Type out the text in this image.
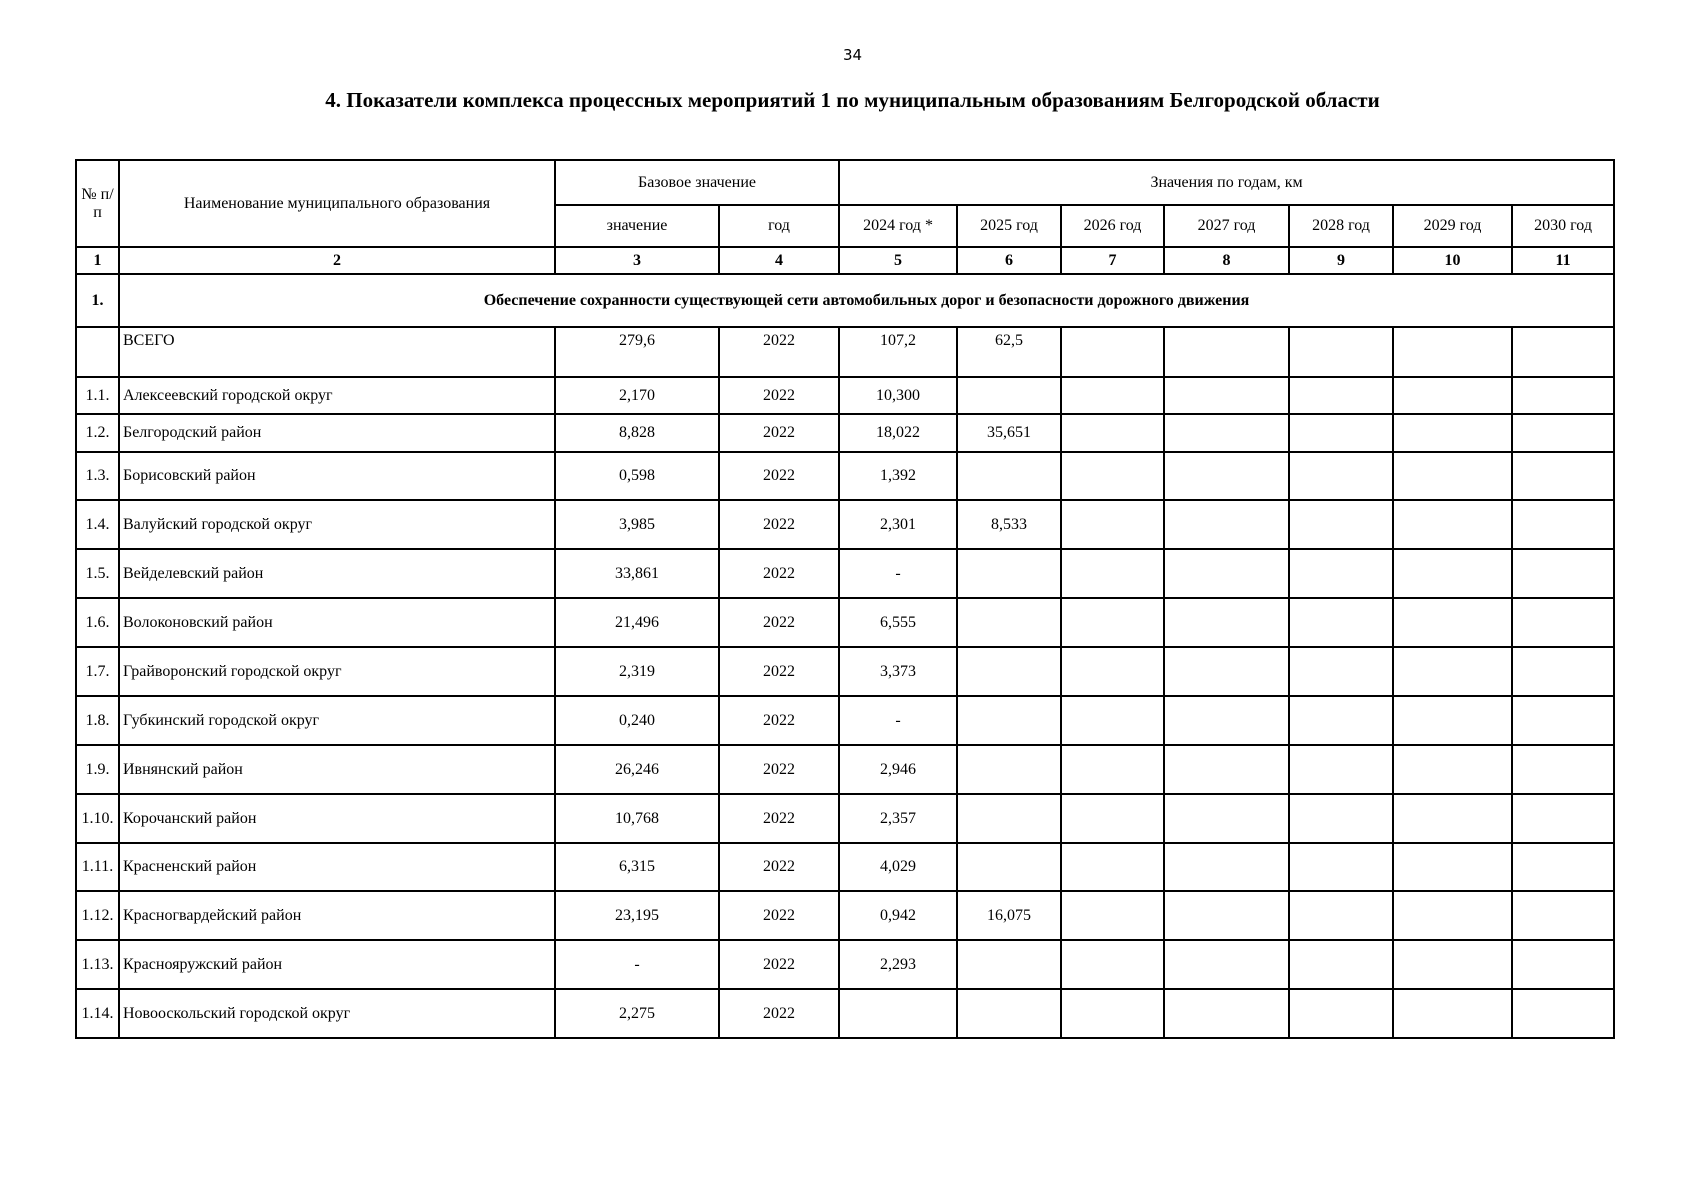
34
4. Показатели комплекса процессных мероприятий 1 по муниципальным образованиям Белгородской области
№ п/п	Наименование муниципального образования	Базовое значение		Значения по годам, км						
		значение	год	2024 год *	2025 год	2026 год	2027 год	2028 год	2029 год	2030 год
1	2	3	4	5	6	7	8	9	10	11
1.	Обеспечение сохранности существующей сети автомобильных дорог и безопасности дорожного движения									
	ВСЕГО	279,6	2022	107,2	62,5					
1.1.	Алексеевский городской округ	2,170	2022	10,300						
1.2.	Белгородский район	8,828	2022	18,022	35,651					
1.3.	Борисовский район	0,598	2022	1,392						
1.4.	Валуйский городской округ	3,985	2022	2,301	8,533					
1.5.	Вейделевский район	33,861	2022	-						
1.6.	Волоконовский район	21,496	2022	6,555						
1.7.	Грайворонский городской округ	2,319	2022	3,373						
1.8.	Губкинский городской округ	0,240	2022	-						
1.9.	Ивнянский район	26,246	2022	2,946						
1.10.	Корочанский район	10,768	2022	2,357						
1.11.	Красненский район	6,315	2022	4,029						
1.12.	Красногвардейский район	23,195	2022	0,942	16,075					
1.13.	Краснояружский район	-	2022	2,293						
1.14.	Новооскольский городской округ	2,275	2022							
